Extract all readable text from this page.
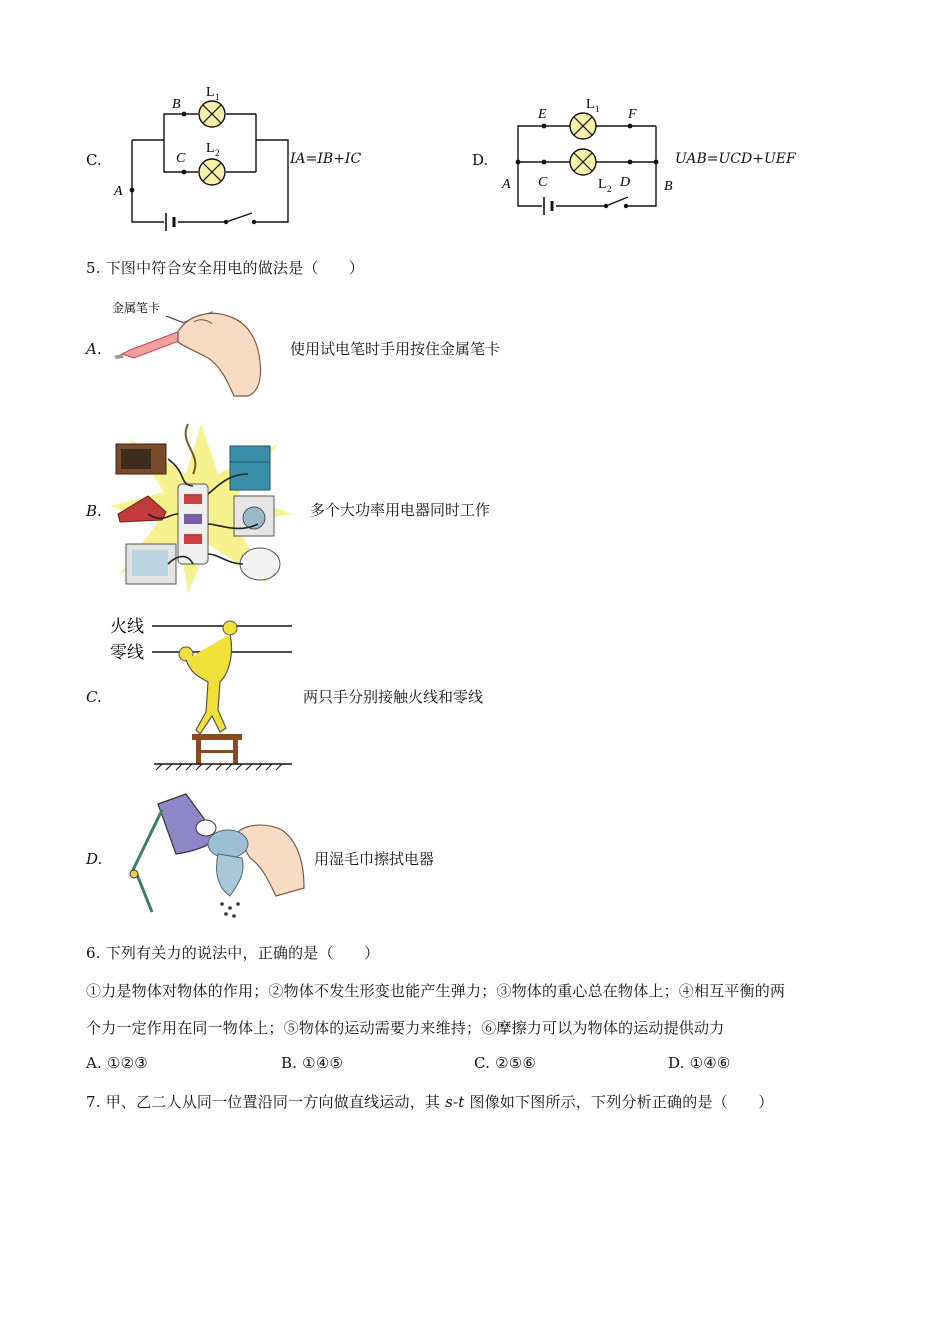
C.
B
C
A
L 1
L 2	IA=IB+IC	D.
E	F
C	D
A	B
L 1
L 2
UAB=UCD+UEF
5. 下图中符合安全用电的做法是（　　）
A.
金属笔卡
使用试电笔时手用按住金属笔卡
B.	多个大功率用电器同时工作
C.
火线
零线
两只手分别接触火线和零线
D.	用湿毛巾擦拭电器
6. 下列有关力的说法中，正确的是（　　）
①力是物体对物体的作用；②物体不发生形变也能产生弹力；③物体的重心总在物体上；④相互平衡的两
个力一定作用在同一物体上；⑤物体的运动需要力来维持；⑥摩擦力可以为物体的运动提供动力
A. ①②③	B. ①④⑤	C. ②⑤⑥	D. ①④⑥
7. 甲、乙二人从同一位置沿同一方向做直线运动，其 s-t 图像如下图所示，下列分析正确的是（　　）
